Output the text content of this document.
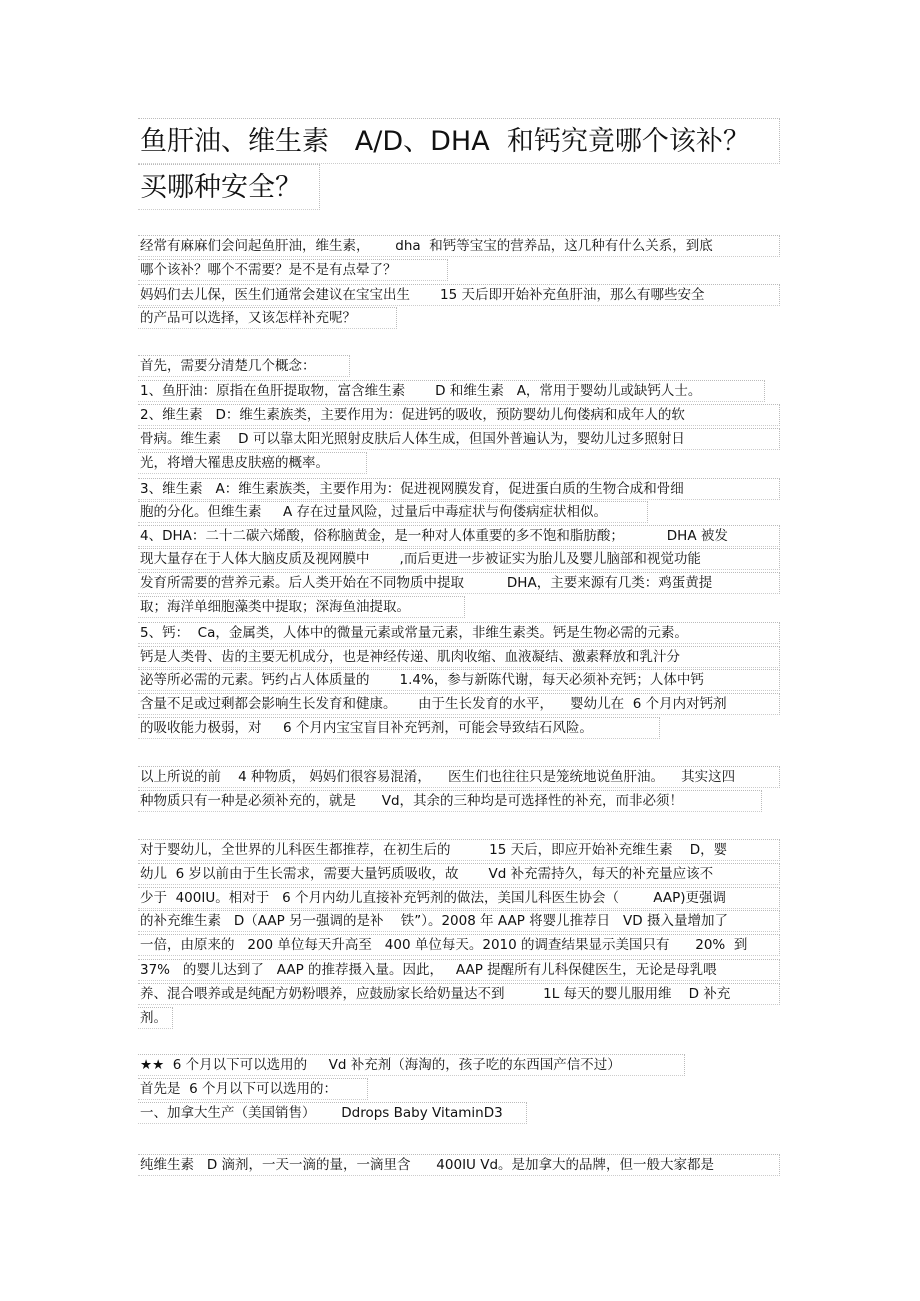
鱼肝油、维生素   A/D、DHA  和钙究竟哪个该补？
买哪种安全？
经常有麻麻们会问起鱼肝油，维生素，      dha  和钙等宝宝的营养品，这几种有什么关系，到底
哪个该补？哪个不需要？是不是有点晕了？
妈妈们去儿保，医生们通常会建议在宝宝出生       15 天后即开始补充鱼肝油，那么有哪些安全
的产品可以选择，又该怎样补充呢？
首先，需要分清楚几个概念：
1、鱼肝油：原指在鱼肝提取物，富含维生素       D 和维生素   A，常用于婴幼儿或缺钙人士。
2、维生素   D：维生素族类，主要作用为：促进钙的吸收，预防婴幼儿佝偻病和成年人的软
骨病。维生素    D 可以靠太阳光照射皮肤后人体生成，但国外普遍认为，婴幼儿过多照射日
光，将增大罹患皮肤癌的概率。
3、维生素   A：维生素族类，主要作用为：促进视网膜发育，促进蛋白质的生物合成和骨细
胞的分化。但维生素     A 存在过量风险，过量后中毒症状与佝偻病症状相似。
4、DHA：二十二碳六烯酸，俗称脑黄金，是一种对人体重要的多不饱和脂肪酸；          DHA 被发
现大量存在于人体大脑皮质及视网膜中       ,而后更进一步被证实为胎儿及婴儿脑部和视觉功能
发育所需要的营养元素。后人类开始在不同物质中提取          DHA，主要来源有几类：鸡蛋黄提
取；海洋单细胞藻类中提取；深海鱼油提取。
5、钙：  Ca，金属类，人体中的微量元素或常量元素，非维生素类。钙是生物必需的元素。
钙是人类骨、齿的主要无机成分，也是神经传递、肌肉收缩、血液凝结、激素释放和乳汁分
泌等所必需的元素。钙约占人体质量的       1.4%，参与新陈代谢，每天必须补充钙；人体中钙
含量不足或过剩都会影响生长发育和健康。     由于生长发育的水平，    婴幼儿在  6 个月内对钙剂
的吸收能力极弱，对     6 个月内宝宝盲目补充钙剂，可能会导致结石风险。
以上所说的前    4 种物质， 妈妈们很容易混淆，    医生们也往往只是笼统地说鱼肝油。    其实这四
种物质只有一种是必须补充的，就是      Vd，其余的三种均是可选择性的补充，而非必须！
对于婴幼儿，全世界的儿科医生都推荐，在初生后的         15 天后，即应开始补充维生素    D，婴
幼儿  6 岁以前由于生长需求，需要大量钙质吸收，故       Vd 补充需持久，每天的补充量应该不
少于  400IU。相对于   6 个月内幼儿直接补充钙剂的做法，美国儿科医生协会（        AAP)更强调
的补充维生素   D（AAP 另一强调的是补    铁”）。2008 年 AAP 将婴儿推荐日   VD 摄入量增加了
一倍，由原来的   200 单位每天升高至   400 单位每天。2010 的调查结果显示美国只有      20%  到
37%   的婴儿达到了   AAP 的推荐摄入量。因此，   AAP 提醒所有儿科保健医生，无论是母乳喂
养、混合喂养或是纯配方奶粉喂养，应鼓励家长给奶量达不到         1L 每天的婴儿服用维    D 补充
剂。
★★  6 个月以下可以选用的     Vd 补充剂（海淘的，孩子吃的东西国产信不过）
首先是  6 个月以下可以选用的：
一、加拿大生产（美国销售）      Ddrops Baby VitaminD3
纯维生素   D 滴剂，一天一滴的量，一滴里含      400IU Vd。是加拿大的品牌，但一般大家都是
